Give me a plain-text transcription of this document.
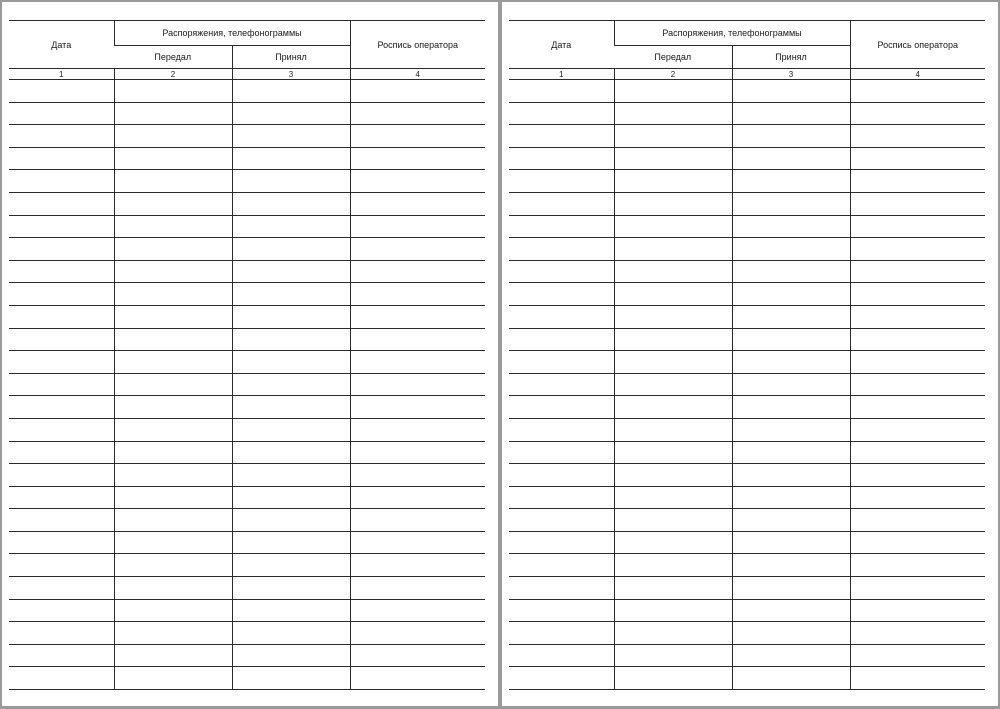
Дата	Распоряжения, телефонограммы		Роспись оператора
	Передал	Принял	
1	2	3	4

Дата	Распоряжения, телефонограммы		Роспись оператора
	Передал	Принял	
1	2	3	4
